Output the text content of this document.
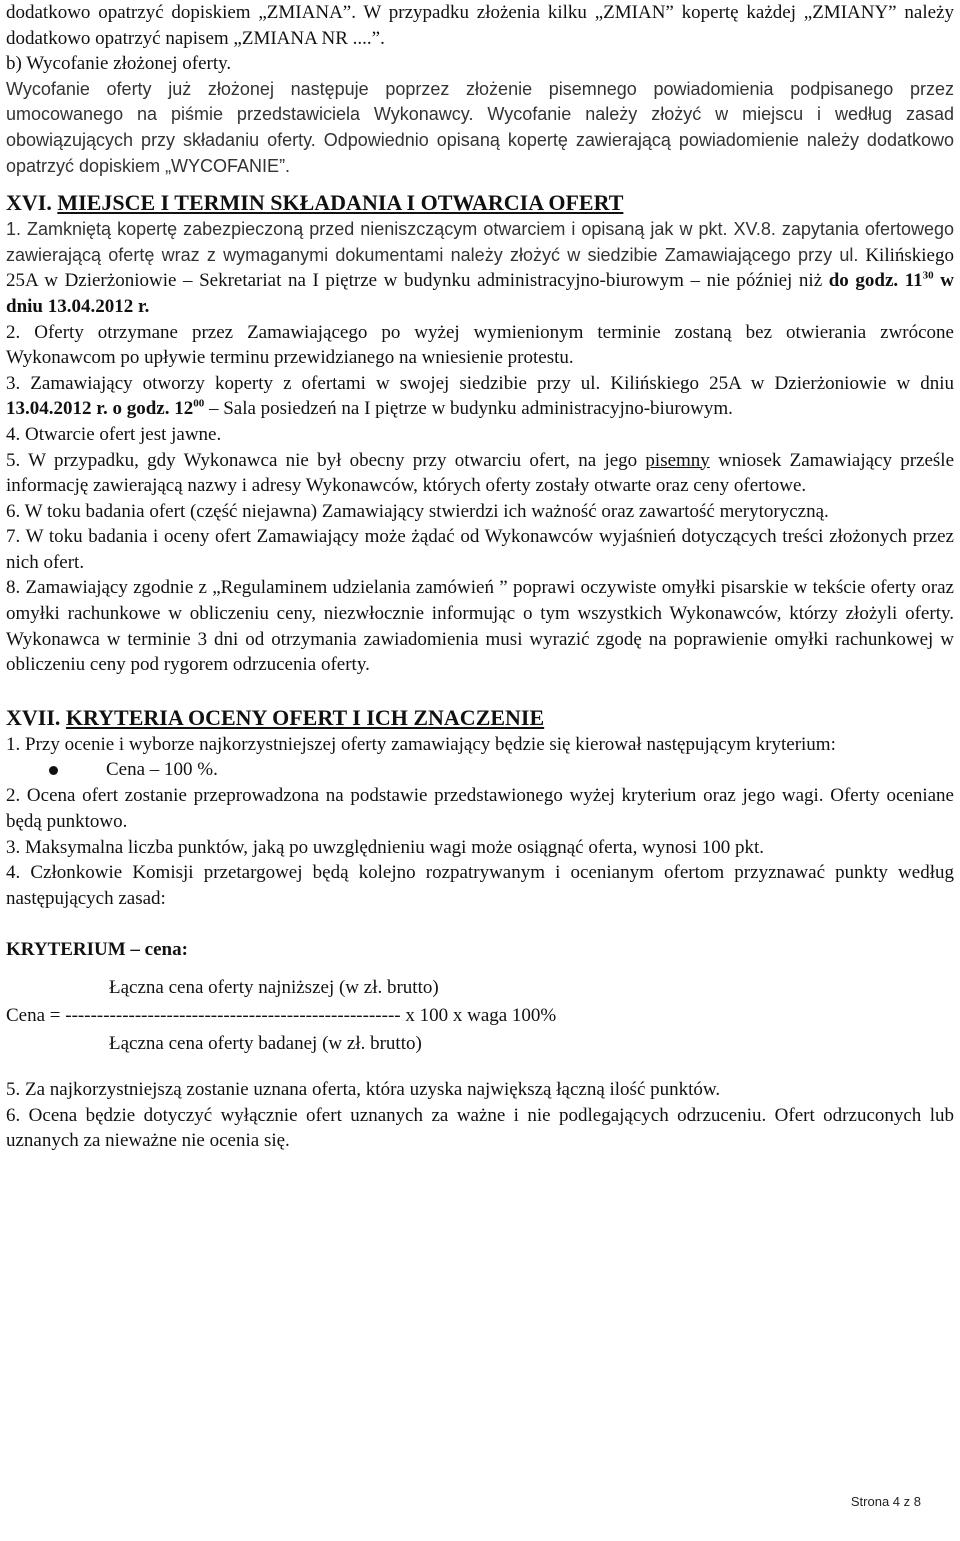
dodatkowo opatrzyć dopiskiem „ZMIANA”. W przypadku złożenia kilku „ZMIAN” kopertę każdej „ZMIANY” należy dodatkowo opatrzyć napisem „ZMIANA NR ....”.

b) Wycofanie złożonej oferty.

Wycofanie oferty już złożonej następuje poprzez złożenie pisemnego powiadomienia podpisanego przez umocowanego na piśmie przedstawiciela Wykonawcy. Wycofanie należy złożyć w miejscu i według zasad obowiązujących przy składaniu oferty. Odpowiednio opisaną kopertę zawierającą powiadomienie należy dodatkowo opatrzyć dopiskiem „WYCOFANIE”.

XVI. MIEJSCE I TERMIN SKŁADANIA I OTWARCIA OFERT

1. Zamkniętą kopertę zabezpieczoną przed nieniszczącym otwarciem i opisaną jak w pkt. XV.8. zapytania ofertowego zawierającą ofertę wraz z wymaganymi dokumentami należy złożyć w siedzibie Zamawiającego przy ul. Kilińskiego 25A w Dzierżoniowie – Sekretariat na I piętrze w budynku administracyjno-biurowym – nie później niż do godz. $11^{30}$ w dniu 13.04.2012 r.

2. Oferty otrzymane przez Zamawiającego po wyżej wymienionym terminie zostaną bez otwierania zwrócone Wykonawcom po upływie terminu przewidzianego na wniesienie protestu.

3. Zamawiający otworzy koperty z ofertami w swojej siedzibie przy ul. Kilińskiego 25A w Dzierżoniowie w dniu 13.04.2012 r. o godz. $12^{00}$ – Sala posiedzeń na I piętrze w budynku administracyjno-biurowym.

4. Otwarcie ofert jest jawne.

5. W przypadku, gdy Wykonawca nie był obecny przy otwarciu ofert, na jego pisemny wniosek Zamawiający prześle informację zawierającą nazwy i adresy Wykonawców, których oferty zostały otwarte oraz ceny ofertowe.

6. W toku badania ofert (część niejawna) Zamawiający stwierdzi ich ważność oraz zawartość merytoryczną.

7. W toku badania i oceny ofert Zamawiający może żądać od Wykonawców wyjaśnień dotyczących treści złożonych przez nich ofert.

8. Zamawiający zgodnie z „Regulaminem udzielania zamówień ” poprawi oczywiste omyłki pisarskie w tekście oferty oraz omyłki rachunkowe w obliczeniu ceny, niezwłocznie informując o tym wszystkich Wykonawców, którzy złożyli oferty. Wykonawca w terminie 3 dni od otrzymania zawiadomienia musi wyrazić zgodę na poprawienie omyłki rachunkowej w obliczeniu ceny pod rygorem odrzucenia oferty.

XVII. KRYTERIA OCENY OFERT I ICH ZNACZENIE

1. Przy ocenie i wyborze najkorzystniejszej oferty zamawiający będzie się kierował następującym kryterium:

Cena – 100 %.

2. Ocena ofert zostanie przeprowadzona na podstawie przedstawionego wyżej kryterium oraz jego wagi. Oferty oceniane będą punktowo.

3. Maksymalna liczba punktów, jaką po uwzględnieniu wagi może osiągnąć oferta, wynosi 100 pkt.

4. Członkowie Komisji przetargowej będą kolejno rozpatrywanym i ocenianym ofertom przyznawać punkty według następujących zasad:

KRYTERIUM – cena:

Łączna cena oferty najniższej (w zł. brutto)
Cena = ----------------------------------------------------- x 100 x waga 100%
Łączna cena oferty badanej (w zł. brutto)

5. Za najkorzystniejszą zostanie uznana oferta, która uzyska największą łączną ilość punktów.

6. Ocena będzie dotyczyć wyłącznie ofert uznanych za ważne i nie podlegających odrzuceniu. Ofert odrzuconych lub uznanych za nieważne nie ocenia się.

Strona 4 z 8
